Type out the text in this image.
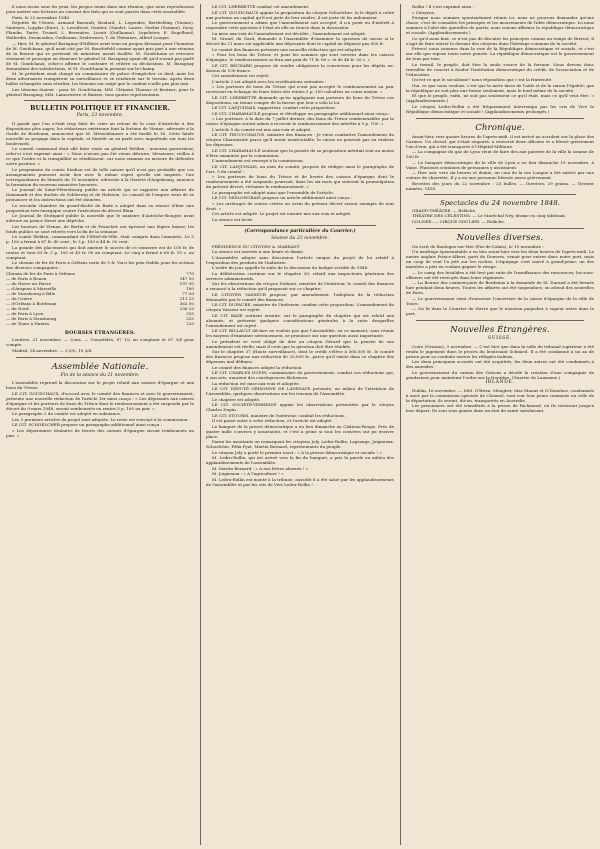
il nous avons sous les yeux, les propos tenus dans une réunion, que nous reproduisons pour mettre nos lecteurs au courant des faits qui se sont passés dans cette assemblée.

Paris, le 23 novembre 1848.

Députés de l'Ouest, Armand Barrault, Boulard, L. Legendre, Berthelémy (Vienne), Santeyra, Loyglas (Eure), L. Lerniltosé, Gautier, Chaulet, Laurie, Ouehie (Somme), Duvy, Flandin, Tarée, Truard, L. Berenière, Lesuit (Guillaume), Lepeletier, E. Engelhard, Walferdin, Desmoulins, Guillaume, Desbrosses, T. de Thémines, Alfred Louque.

— Hier, M. le général Baraguay-d'Hilliers avait tenu un propos blessant pour l'honneur de M. Goudchaux, qu'il avait cité par M. Bouchefeld comme ayant pris part à une réunion de la Bourse qui se porterait de ministère aurait fusillés. M. Goudchaux se retrouve vivement et provoque en demeure le général M. Baraguay ayant dû qu'il n'avait pas parlé de M. Goudchaux, celui-ci affirme le contraire et réitère sa déclaration. M. Baraguay demandant des satisfactions, et M. Goudchaux la prenant sur-le-champ.

M. le président avait chargé un commissaire de police d'empêcher ce duel; mais les deux adversaires trompèrent sa surveillance et se rendirent sur le terrain. Après deux balles échangées sans résultat, les témoins ont exigé que le combat n'aille pas plus loin.

Les témoins étaient : pour M. Goudchaux, MM. Clément Thomas et Kestner; pour le général Baraguay, MM. Lamoricière et Batiste, tous quatre représentants.

BULLETIN POLITIQUE ET FINANCIER.
Paris, 23 novembre.

Il paraît que l'on s'était trop hâté de crier au retour de la cour d'Autriche à des dispositions plus sages; les rédacteurs extérieurs font la fortune de Vienne, adressée à la Garde de Bordeaux, annoncent que M. Messenhauser a été fusillé le 16. Cette fatale nouvelle se propage dans la capitale, et bientôt on en parle avec inquiétude sur tous les boulevards.

Le conseil communal était allé faire visite au général Welden : nouveau gouverneur, celui-ci s'est exprimé ainsi : « Nous n'avons pas été venus détruire, Messieurs; veillez à ce que l'ordre et la tranquillité se rétablissent, car nous sommes en mesure de défendre notre position. »

Le programme du comte Stadion est de telle nature qu'il n'est pas probable que ces arrangements puissent avoir lieu avec le même esprit qu'elle ont inspirés. Une correspondance de Munich du 15 novembre, adressée à la Gazette d'Augsbourg, annonce la formation du nouveau ministère bavarois.

Le Journal de Saint-Pétersbourg publie un article qui se rapporte aux affaires du Danemark et des duchés de Schleswig et de Holstein. Le conseil de l'empire vient de se prononcer et les instructions ont été données.

Le seconde chambre du grand-duché de Bade a adopté dans sa séance d'hier une proposition très-énergique contre l'exécution du décret Blum.

Le Journal de Stuttgard publie la nouvelle que le ministre d'Autriche-Hongrie avait adressé au prince Henri une dépêche.

Les bourses de Vienne, de Berlin et de Francfort ont éprouvé une légère baisse; les fonds publics se sont relevés vers la fin de la semaine.

Le comte Welden, commandant de l'Hôtel-de-Ville, était compris dans l'amnistie. Le 5 p. 100 a fermé à 67 fr. 40 cent.; le 3 p. 100 à 44 fr. 50 cent.

La grande des placements qui doit amener le succès de ce semestre est de 100 fr. de rentes et vaut 63 fr. 5 p. 100 et 43 fr. 90 au comptant. Le cinq a fermé à 68 fr. 10 c. au comptant.

Le chemin de fer de Paris à Orléans varie de 5 fr. Voici les prix établis pour les actions des diverses compagnies :

Chemin de fer de Paris à Orléans	770
— de Paris à Rouen	347 50
— du Havre au Havre	197 50
— d'Avignon à Marseille	180
— de Strasbourg à Bâle	77 50
— du Centre	211 25
— d'Orléans à Bordeaux	362 50
— du Nord	336 25
— de Paris à Lyon	335
— de Paris à Strasbourg	325
— de Tours à Nantes	220
BOURSES ÉTRANGÈRES.

Londres, 21 novembre. — Cons. — Consolidés, 87 1/2 au comptant et 87 3/8 pour compte.

Madrid, 14 novembre. — 3 0/0, 19 3/4.

Assemblée Nationale.
Fin de la séance du 21 novembre.

L'Assemblée reprend la discussion sur le projet relatif aux caisses d'épargne et aux bons du Trésor.

LE CIT. GOUDCHAUX, d'accord avec le comité des finances et avec le gouvernement, présente une nouvelle rédaction de l'article 1er ainsi conçu : « Les déposants aux caisses d'épargne et les porteurs de bons du Trésor dont le remboursement a été suspendu par le décret du 9 mars 1848, seront remboursés en rentes 5 p. 100 au pair. »

Le paragraphe 2 du comité est adopté en substance.

Les 3 premiers articles du projet sont adoptés. Le reste est renvoyé à la commission.

LE CIT. SCHOELCHER propose un paragraphe additionnel ainsi conçu :

« Les dépositaires titulaires de livrets des caisses d'épargne seront remboursés au pair. »

LE CIT. LHERBETTE combat cet amendement.

LE CIT. GOUDCHAUX appuie la proposition du citoyen Schoelcher. Si le dépôt a coûté aux porteurs un capital qu'il est juste de leur rendre, il est juste de les indemniser.

Le gouvernement a admis que l'amendement soit accepté; il n'a point eu d'intérêt à reprendre cette question à l'état où elle se trouve dans la discussion.

La mise aux voix de l'amendement est décidée ; l'amendement est adopté.

M. Grand, du Gard, demande à l'Assemblée d'examiner la question de savoir si le décret du 21 mars est applicable aux déposants dont le capital ne dépasse pas 500 fr.

Le comité des finances présente une nouvelle rédaction qui est adoptée.

« Pour les bons du Trésor, et pour les sommes qui sont versées dans les caisses d'épargne, le remboursement se fera aux prix de 71 fr. 60 c. et de 46 fr. 50 c. »

LE CIT. BÉCHARD propose de rendre obligatoire la conversion pour les dépôts au-dessus de 100 francs.

Cet amendement est rejeté.

L'article 2 est adopté avec les rectifications suivantes :

« Les porteurs de bons du Trésor qui n'ont pas accepté le remboursement au pair recevront en échange de leurs titres des rentes 5 p. 100 calculées au cours moyen. »

LE CIT. LHERBETTE demande qu'en appliquant aux porteurs de bons du Trésor ces dispositions, on tienne compte de la faveur que leur a valu la loi.

LE CIT. LANJUINAIS, rapporteur, combat cette proposition.

LE CIT. CHARAMAULE propose et développe un paragraphe additionnel ainsi conçu :

« Les porteurs, à la date du 7 juillet dernier, des bons du Trésor remboursables par la caisse d'épargne seront admis à recevoir le remboursement des intérêts à 5 p. 100. »

L'article 5 du comité est mis aux voix et adopté.

LE CIT. TRUCY-CHAUVE, ministre des finances : Je viens combattre l'amendement du citoyen Charamaule parce qu'il serait inexécutable; la caisse ne pourrait pas en réaliser les dépenses.

LE CIT. CHARAMAULE soutient que la pensée de sa proposition méritait tout au moins d'être examinée par la commission.

L'amendement est renvoyé à la commission.

LE CIT. LANJUINAIS, au nom du comité, propose de rédiger ainsi le paragraphe de l'art. 5 du comité :

« Les porteurs de bons du Trésor et de livrets des caisses d'épargne dont le remboursement a été suspendu pourront, dans les six mois qui suivront la promulgation du présent décret, réclamer le remboursement. »

Le paragraphe est adopté ainsi que l'ensemble de l'article.

LE CIT. DESLONGRAIS propose un article additionnel ainsi conçu :

« Les arrérages de rentes créées en vertu du présent décret seront exempts de tout droit. »

Cet article est adopté. Le projet est ensuite mis aux voix et adopté.

La séance est levée.

(Correspondance particulière du Courrier.)
Séance du 23 novembre.

PRÉSIDENCE DU CITOYEN A. MARRAST.

La séance est ouverte à une heure et demie.

L'Assemblée adopte sans discussion l'article unique du projet de loi relatif à l'exposition des produits de l'industrie.

L'ordre du jour appelle la suite de la discussion du budget rectifié de 1848.

La délibération continue sur le chapitre 30, relatif aux inspecteurs généraux des services administratifs.

Sur les observations du citoyen Dufaure, ministre de l'intérieur, le comité des finances a renoncé à la réduction qu'il proposait sur ce chapitre.

LE CITOYEN VASSEUR propose, par amendement, l'adoption de la réduction demandée par le comité des finances.

LE CIT. DUFAURE, ministre de l'intérieur, combat cette proposition. L'amendement du citoyen Vasseur est rejeté.

LE CIT. BAZE soutient ensuite, sur le paragraphe du chapitre qui est relatif aux abonnés, et présente quelques considérations générales à la suite desquelles l'amendement est rejeté.

LE CIT. BILLAULT déclare ne vouloir pas que l'Assemblée, en ce moment, sans réunir les moyens d'examiner sérieusement, se prononce sur une question aussi importante.

Le président se croit obligé de dire au citoyen Gérard que la pensée de son amendement est réelle; mais il croit que la question doit être étudiée.

Sur le chapitre 37 (Haute surveillance), dont le crédit s'élève à 560,000 fr., le comité des finances propose une réduction de 20,000 fr., parce qu'il existe dans ce chapitre des dépenses mal définies.

Le comité des finances adopte la réduction.

LE CIT. CHARLES DUPIN, commissaire du gouvernement, combat ces réductions qui, à son avis, auraient des conséquences fâcheuses.

La réduction est mise aux voix et adoptée.

LE CIT. DÉPUTÉ GRISONNE DE LAVENAYE présente, au milieu de l'attention de l'Assemblée, quelques observations sur les travaux de l'Assemblée.

Le chapitre est adopté.

LE CIT. SOCIÉTÉ-VERHEIDE appuie les observations présentées par le citoyen Charles Dupin.

LE CIT. STOURM, ministre de l'intérieur, combat les réductions.

Il est passé outre à cette réduction, et l'article est adopté.

Le banquet de la presse démocratique a eu lieu dimanche au Château-Rouge. Près de quatre mille convives y assistaient, et c'est à peine si tous les convives ont pu trouver place.

Parmi les assistants on remarquait les citoyens Joly, Ledru-Rollin, Lagrange, Joigneaux, Schoelcher, Félix Pyat, Martin Bernard, représentants du peuple.

Le citoyen Joly a porté le premier toast : « A la presse démocratique et sociale ! »

M. Ledru-Rollin, qui est arrivé vers la fin du banquet, a pris la parole au milieu des applaudissements de l'assemblée.

M. Martin Bernard : « A nos frères absents ! »

M. Joigneaux : « A l'agriculture ! »

M. Ledru-Rollin est monté à la tribune; aussitôt il a été salué par les applaudissements de l'assemblée et par les cris de Vive Ledru-Rollin !

Rollin ! Il s'est exprimé ainsi :

« Citoyens,

Puisque nous sommes spontanément réunis ici, nous ne pouvons demander qu'une chose, c'est de connaître les principes et les mouvements de l'idée démocratique. Ici nous sommes à l'abri des querelles de partis; nous venons affirmer la république démocratique et sociale. (Applaudissements.)

Ce qu'il nous faut, ce n'est pas de discuter les principes comme au temps de Brissot; il s'agit de faire entrer le dernier des citoyens dans l'héritage commun de la société.

Frères! nous sommes dans la voie de la République démocratique et sociale, et c'est sur elle que repose toute notre pensée. La république démocratique est le gouvernement de tous par tous.

Le travail, le peuple, doit être la seule source de la fortune. Nous devons donc travailler de concert à fonder l'institution démocratique du crédit, de l'association et de l'éducation.

Qu'est-ce que le socialisme? nous répondons que c'est la fraternité.

Oui, ce que nous voulons, c'est que la mère fasse de l'aide et de la raison l'égalité; que la république ne soit plus une forme seulement, mais le fond même de la société.

Et que le peuple, enfin, ne soit pas seulement ce qu'il était, mais ce qu'il veut être. » (Applaudissements.)

Le citoyen Ledru-Rollin a été fréquemment interrompu par les cris de Vive la République démocratique et sociale ! (Applaudissements prolongés.)

Chronique.

Avant-hier, vers quatre heures de l'après-midi, il est arrivé un accident sur la place des Carmes. Un cheval, qui s'était emporté, a renversé deux officiers et a blessé grièvement l'un d'eux, qui a été transporté à l'Hôpital-Militaire.

— La compagnie du gaz de Lyon vient de faire des aux pauvres de la ville la somme de 500 fr.

— Le banquet démocratique de la ville de Lyon a eu lieu dimanche 19 novembre, à Vaise. Plusieurs centaines de personnes y assistaient.

— Hier soir, vers six heures et demie, un coin de la rue Longue a été enlevé par une voiture de charrette. Il y a eu une personne blessée assez grièvement.

Recettes des jours du 22 novembre : 23 bulles. — Ouvriers, 29 grains. — Dernier numéro, 1418.

Spectacles du 24 novembre 1848.

GRAND-THÉÂTRE. — Relâche.

THÉÂTRE DES CÉLESTINS. — Le Maréchal Ney, drame en cinq tableaux.

COLISÉE. — CIRQUE GOULIER. — Relâche.

Nouvelles diverses.

On écrit de Boulogne-sur-Mer (Pas-de-Calais), le 19 novembre :

Un naufrage épouvantable a eu lieu avant-hier vers les deux heures de l'après-midi. Le navire anglais Prince-Albert, parti de Douvres, venait pour entrer dans notre port, mais un coup de vent l'a jeté sur les roches. L'équipage s'est sauvé à grand'peine; un des matelots a péri en voulant gagner le rivage.

— Le camp des Invalides a été levé par suite de l'insuffisance des ressources; les sous-officiers ont été renvoyés dans leurs régiments.

— La Bourse des commerçants de Bordeaux à la demande de M. Durand a été fermée hier pendant deux heures. Toutes les affaires ont été suspendues; on attend des nouvelles de Paris.

— Le gouvernement vient d'autoriser l'ouverture de la caisse d'épargne de la ville de Tours.

— On lit dans le Courrier du Havre que le nouveau paquebot à vapeur entre dans le port.

Nouvelles Étrangères.
SUISSE.

Coire (Grisons), 3 novembre. — C'est hier que dans la salle du tribunal supérieur a été rendu le jugement dans le procès du lieutenant Schmied. Il a été condamné à un an de prison pour sa conduite envers les réfugiés italiens.

Les deux principaux accusés ont été acquittés; les deux autres ont été condamnés à des amendes.

Le gouvernement du canton des Grisons a décidé la création d'une compagnie de gendarmes pour maintenir l'ordre sur la frontière. (Gazette de Lausanne.)

IRLANDE.

Dublin, 16 novembre. — MM. O'Brien, Meagher, Mac-Manus et O'Donohoe, condamnés à mort par la commission spéciale de Clonmel, vont voir leur peine commuée en celle de la déportation; ils seront, dit-on, transportés en Australie.

Les prisonniers ont été transférés à la prison de Richmond, où ils resteront jusqu'à leur départ. Ils sont tous quatre dans un état de santé satisfaisant.
